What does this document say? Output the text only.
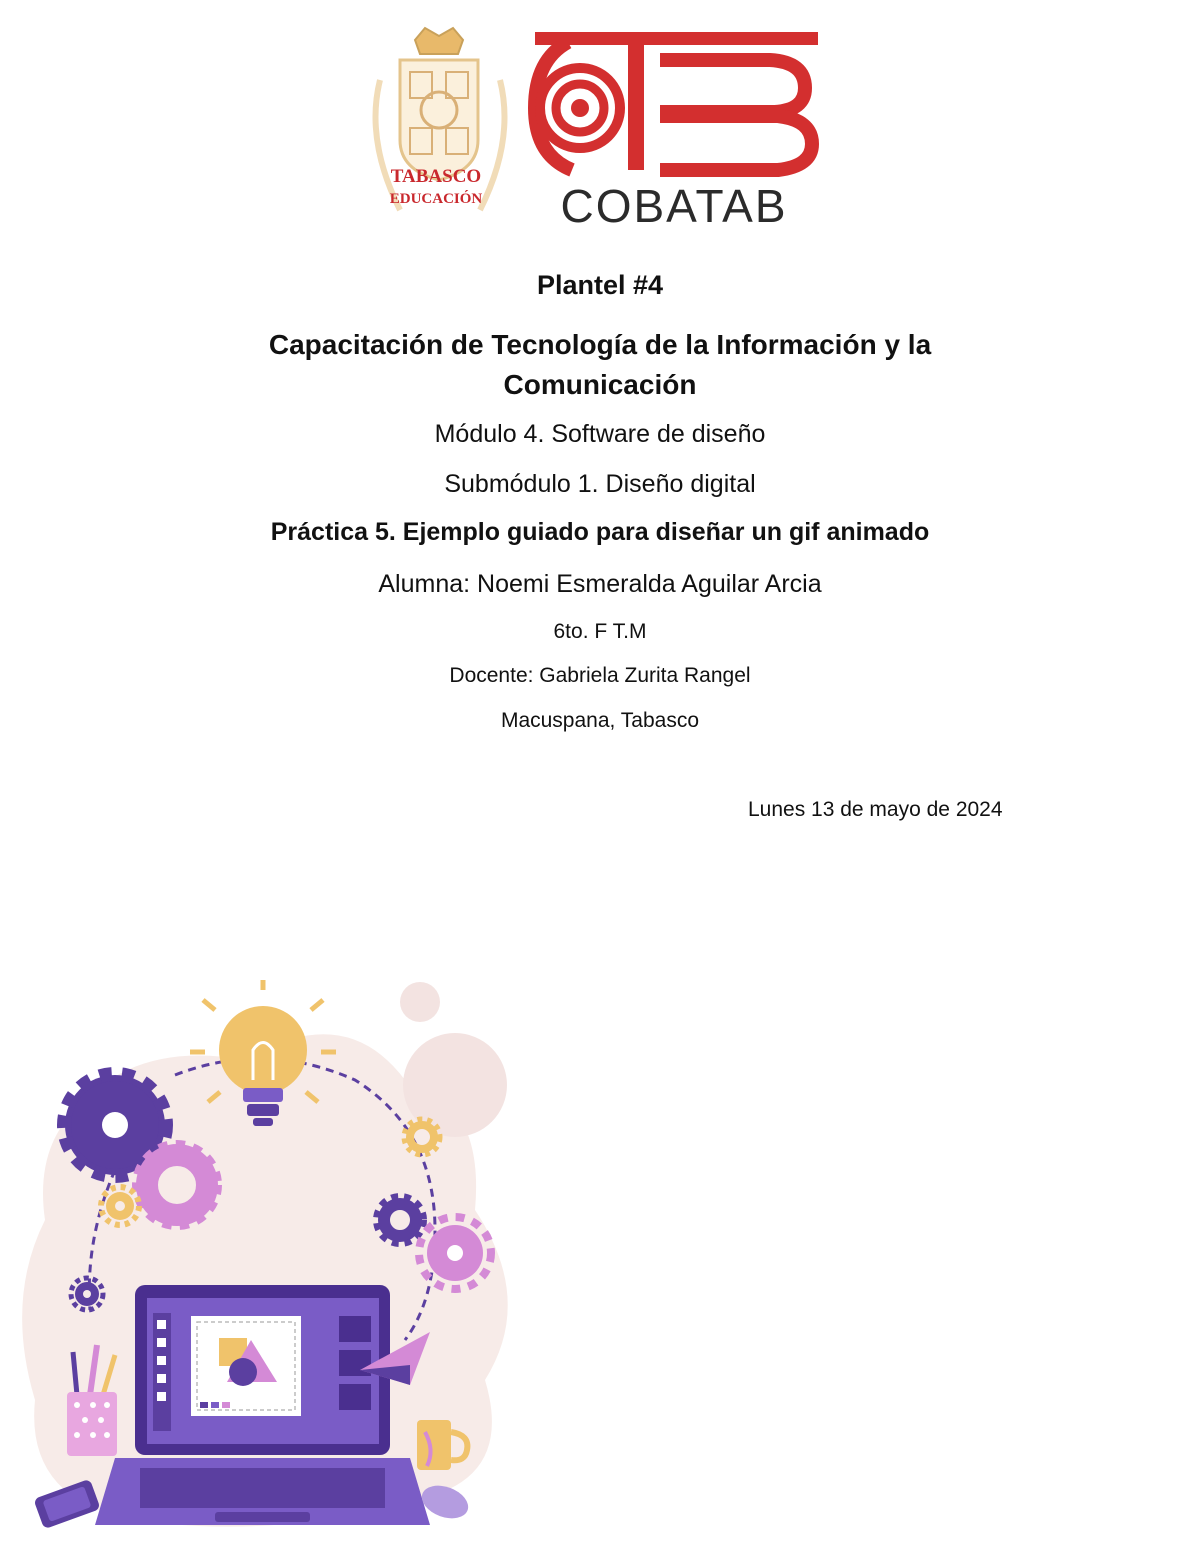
TABASCO
EDUCACIÓN COBATAB

Plantel #4

Capacitación de Tecnología de la Información y la
Comunicación

Módulo 4. Software de diseño

Submódulo 1. Diseño digital

Práctica 5. Ejemplo guiado para diseñar un gif animado

Alumna: Noemi Esmeralda Aguilar Arcia

6to. F T.M

Docente: Gabriela Zurita Rangel

Macuspana, Tabasco

Lunes 13 de mayo de 2024
